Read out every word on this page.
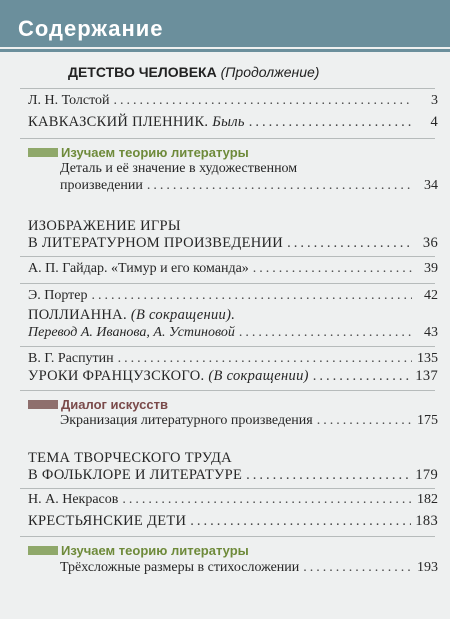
Содержание
ДЕТСТВО ЧЕЛОВЕКА (Продолжение)
Л. Н. Толстой .....	3
КАВКАЗСКИЙ ПЛЕННИК. Быль .....	4
Изучаем теорию литературы
Деталь и её значение в художественном
произведении .....	34
ИЗОБРАЖЕНИЕ ИГРЫ
В ЛИТЕРАТУРНОМ ПРОИЗВЕДЕНИИ .....	36
А. П. Гайдар. «Тимур и его команда» .....	39
Э. Портер .....	42
ПОЛЛИАННА. (В сокращении).
Перевод А. Иванова, А. Устиновой .....	43
В. Г. Распутин .....	135
УРОКИ ФРАНЦУЗСКОГО. (В сокращении) .....	137
Диалог искусств
Экранизация литературного произведения .....	175
ТЕМА ТВОРЧЕСКОГО ТРУДА
В ФОЛЬКЛОРЕ И ЛИТЕРАТУРЕ .....	179
Н. А. Некрасов .....	182
КРЕСТЬЯНСКИЕ ДЕТИ .....	183
Изучаем теорию литературы
Трёхсложные размеры в стихосложении .....	193
